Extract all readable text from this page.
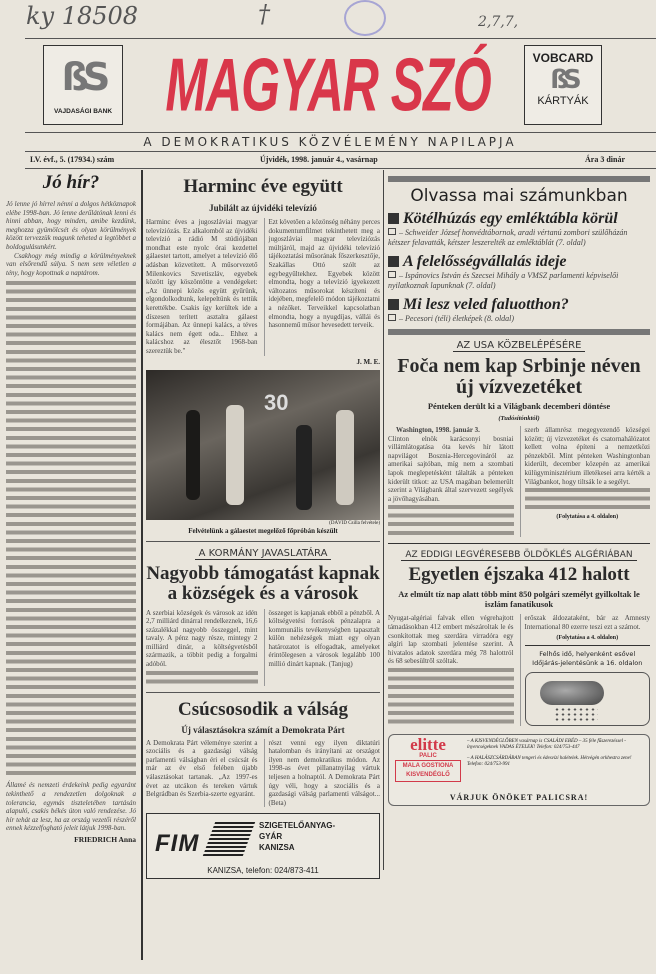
ky 18508	†	2,7,7,
ßS
VAJDASÁGI BANK	MAGYAR SZÓ	VOBCARD
ßS
KÁRTYÁK
A DEMOKRATIKUS KÖZVÉLEMÉNY NAPILAPJA
LV. évf., 5. (17934.) szám	Újvidék, 1998. január 4., vasárnap	Ára 3 dinár
Jó hír?
Jó lenne jó hírrel nénni a dolgos hétköznapok elébe 1998-ban. Jó lenne derűlátónak lenni és hinni abban, hogy minden, amibe kezdünk, meghozza gyümölcsét és olyan körülmények között tervezzük magunk teheted a legtöbbet a boldogulásunkért.
Csakhogy még mindig a körülményeknek van elsőrendű súlya. S nem sem véletlen a tény, hogy kopottnak a naptárom.
Államé és nemzeti érdekeink pedig egyaránt tekinthető a rendezetlen dolgoknak a tolerancia, egymás tiszteletében tartásán alapuló, csakis békés úton való rendezése. Jó hír tehát az lesz, ha az ország vezetői részéről ennek kézzelfogható jeleit látjuk 1998-ban.
FRIEDRICH Anna
Harminc éve együtt
Jubilált az újvidéki televízió
Harminc éves a jugoszláviai magyar televíziózás. Ez alkalomból az újvidéki televízió a rádió M stúdiójában mondhat este nyolc órai kezdettel gálaestet tartott, amelyet a televízió élő adásban közvetített. A műsorvezető Milenkovics Szvetiszláv, egyebek között így köszöntötte a vendégeket: „Az ünnepi közös együtt gyűrünk, elgondolkodtunk, kelepeltünk és tettük kerettékbe. Csakis így kerültek ide a díszesen terített asztalra gálaest formájában. Az ünnepi kalács, a téves kalács nem égett oda... Ehhez a kalácshoz az élesztőt 1968-ban szereztük be."
Ezt követően a közönség néhány perces dokumentumfilmet tekinthetett meg a jugoszláviai magyar televíziózás múltjáról, majd az újvidéki televízió tájékoztatási műsorának főszerkesztője, Szakállas Ottó szólt az egybegyűltekhez. Egyebek között elmondta, hogy a televízió igyekezett változatos műsorokat készíteni és idejében, megfelelő módon tájékoztatni a nézőket. Terveikkel kapcsolatban elmondta, hogy a nyugdíjas, vállái és hasonnemű műsor hevesedett terveik.
J. M. E.
30
(DÁVID Csilla felvétele)
Felvételünk a gálaestet megelőző főpróbán készült
A KORMÁNY JAVASLATÁRA
Nagyobb támogatást kapnak a községek és a városok
A szerbiai községek és városok az idén 2,7 milliárd dinárral rendelkeznek, 16,6 százalékkal nagyobb összeggel, mint tavaly. A pénz nagy része, mintegy 2 milliárd dinár, a költségvetésből származik, a többit pedig a forgalmi adóból.
összeget is kapjanak ebből a pénzből. A költségvetési források pénzalapra a kommunális tevékenységben tapasztalt külön nehézségek miatt egy olyan határozatot is elfogadtak, amelyeket érintőlegesen a városok legalább 100 millió dinárt kapnak. (Tanjug)
Csúcsosodik a válság
Új választásokra számít a Demokrata Párt
A Demokrata Párt véleménye szerint a szociális és a gazdasági válság parlamenti válságban éri el csúcsát és már az év első felében újabb választásokat tartanak. „Az 1997-es évet az utcákon és tereken vártuk Belgrádban és Szerbia-szerte egyaránt.
részt venni egy ilyen diktatúri hatalomban és irányítani az országot ilyen nem demokratikus módon. Az 1998-as évet pillanatnyilag vártuk teljesen a holnaptól. A Demokrata Párt úgy véli, hogy a szociális és a gazdasági válság parlamenti válságot... (Beta)
FIM
SZIGETELŐANYAG-
GYÁR
KANIZSA
KANIZSA, telefon: 024/873-411
Olvassa mai számunkban
Kötélhúzás egy emléktábla körül
– Schweider József honvédtábornok, aradi vértanú zombori szülőházán kétszer felavatták, kétszer leszerelték az emléktáblát (7. oldal)
A felelősségvállalás ideje
– Ispánovics István és Szecsei Mihály a VMSZ parlamenti képviselői nyilatkoznak lapunknak (7. oldal)
Mi lesz veled faluotthon?
– Pecesori (téli) életképek (8. oldal)
AZ USA KÖZBELÉPÉSÉRE
Foča nem kap Srbinje néven új vízvezetéket
Pénteken derült ki a Világbank decemberi döntése
(Tudósítónktól)
Washington, 1998. január 3.
Clinton elnök karácsonyi bosniai villámlátogatása óta kevés hír látott napvilágot Bosznia-Hercegovináról az amerikai sajtóban, míg nem a szombati lapok meglepetésként tálalták a pénteken kiderült titkot: az USA magában belemerült szerint a Világbank által szervezett segélyek a jövőhagyásában.
szerb államrész megegyezendő községei között; új vízvezetéket és csatornahálózatot kellett volna építeni a nemzetközi pénzekből. Mint pénteken Washingtonban kiderült, december közepén az amerikai külügyminisztérium illetékesei arra kérték a Világbankot, hogy tiltsák le a segélyt.
(Folytatása a 4. oldalon)
AZ EDDIGI LEGVÉRESEBB ÖLDÖKLÉS ALGÉRIÁBAN
Egyetlen éjszaka 412 halott
Az elmúlt tíz nap alatt több mint 850 polgári személyt gyilkoltak le iszlám fanatikusok
Nyugat-algériai falvak ellen végrehajtott támadásokban 412 embert mészároltak le és csonkítottak meg szerdára virradóra egy algíri lap szombati jelentése szerint. A hivatalos adatok szerdára még 78 halottról és 68 sebesültről szóltak.
erőszak áldozataként, bár az Amnesty International 80 ezerre teszi ezt a számot.
(Folytatása a 4. oldalon)
Felhős idő, helyenként esővel
Időjárás-jelentésünk a 16. oldalon
elitte
PALIC
MALA GOSTIONA
KISVENDÉGLŐ
– A KISVENDÉGLŐBEN vasárnap is CSALÁDI EBÉD – 35 féle fűszerezéssel - ínyencségeknek VADAS ÉTELEK! Telefon: 024/753-447
– A HALÁSZCSÁRDÁBAN tengeri és édesvízi halételek. Hétvégén orkhestra zene! Telefon: 024/753-991
VÁRJUK ÖNÖKET PALICSRA!
